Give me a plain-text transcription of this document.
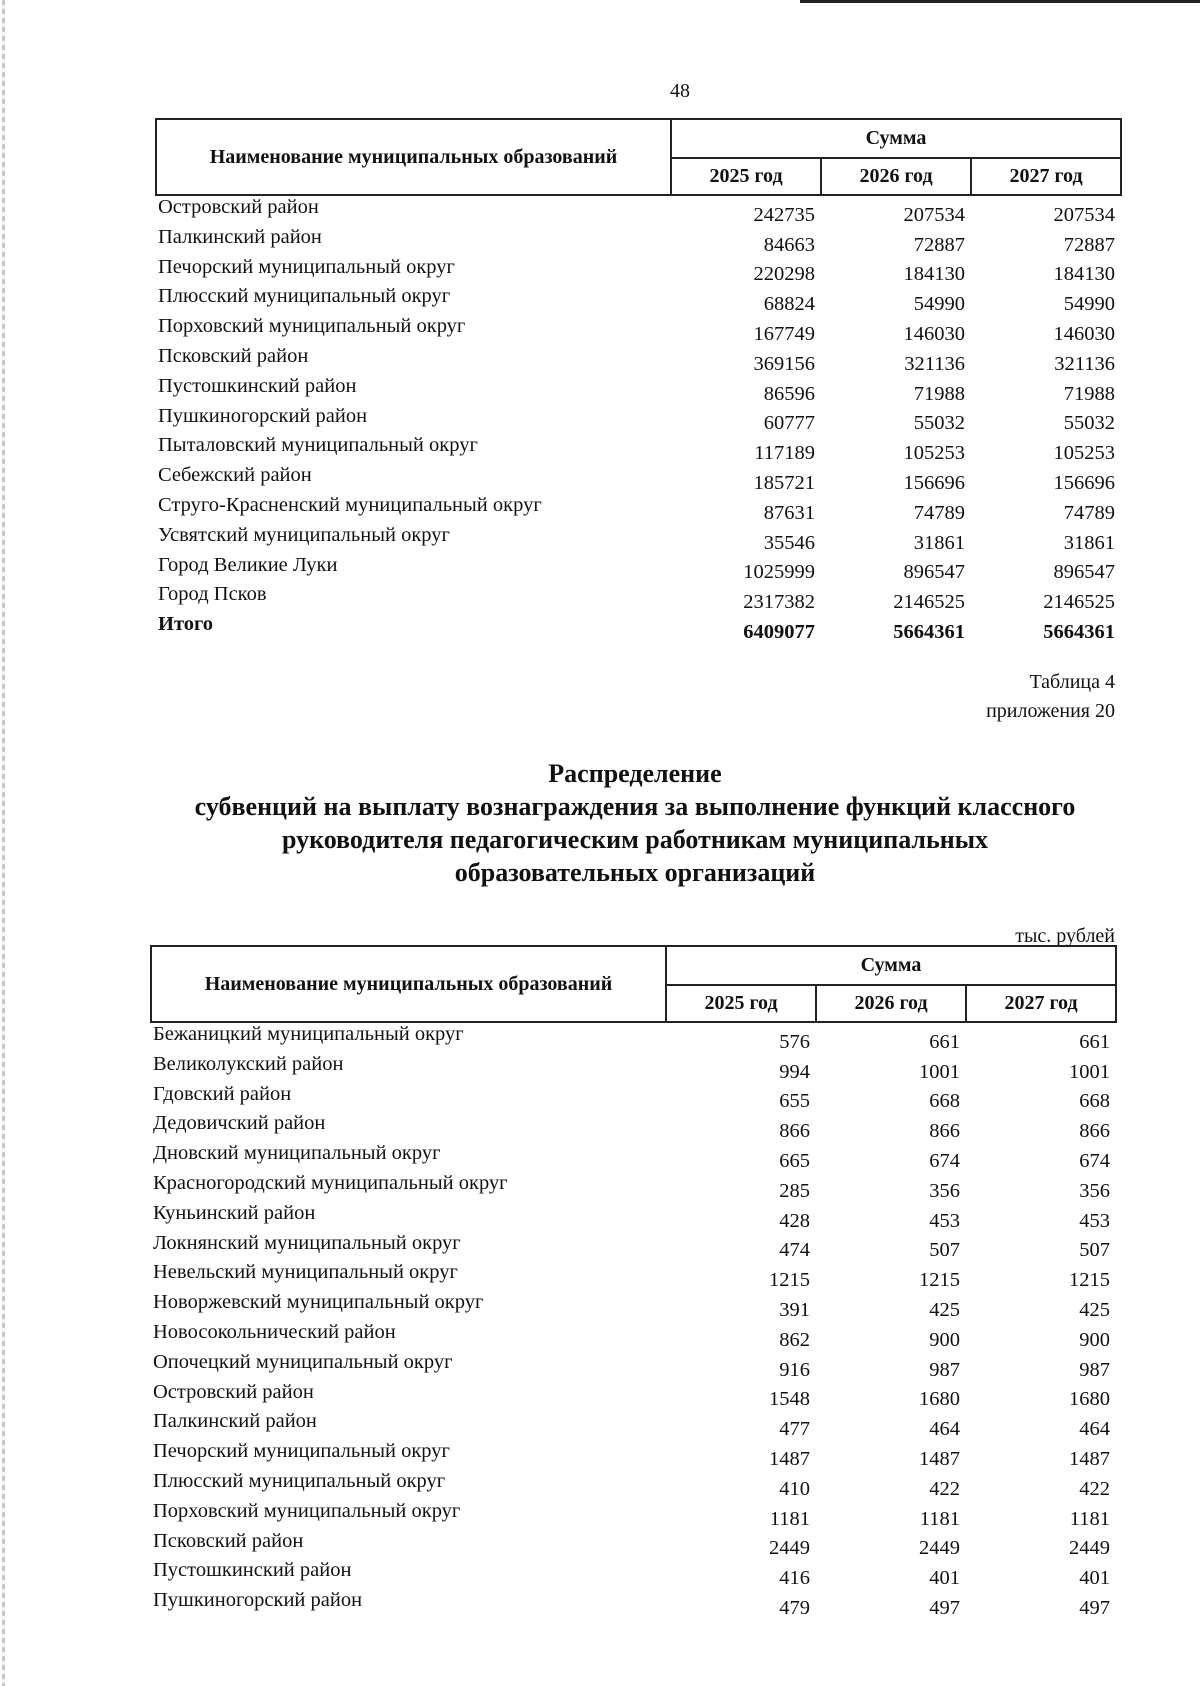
48
Наименование муниципальных образований	Сумма		
	2025 год	2026 год	2027 год
Островский район	242735	207534	207534
Палкинский район	84663	72887	72887
Печорский муниципальный округ	220298	184130	184130
Плюсский муниципальный округ	68824	54990	54990
Порховский муниципальный округ	167749	146030	146030
Псковский район	369156	321136	321136
Пустошкинский район	86596	71988	71988
Пушкиногорский район	60777	55032	55032
Пыталовский муниципальный округ	117189	105253	105253
Себежский район	185721	156696	156696
Струго-Красненский муниципальный округ	87631	74789	74789
Усвятский муниципальный округ	35546	31861	31861
Город Великие Луки	1025999	896547	896547
Город Псков	2317382	2146525	2146525
Итого	6409077	5664361	5664361
Таблица 4
приложения 20
Распределение
субвенций на выплату вознаграждения за выполнение функций классного
руководителя педагогическим работникам муниципальных
образовательных организаций
тыс. рублей
Наименование муниципальных образований	Сумма		
	2025 год	2026 год	2027 год
Бежаницкий муниципальный округ	576	661	661
Великолукский район	994	1001	1001
Гдовский район	655	668	668
Дедовичский район	866	866	866
Дновский муниципальный округ	665	674	674
Красногородский муниципальный округ	285	356	356
Куньинский район	428	453	453
Локнянский муниципальный округ	474	507	507
Невельский муниципальный округ	1215	1215	1215
Новоржевский муниципальный округ	391	425	425
Новосокольнический район	862	900	900
Опочецкий муниципальный округ	916	987	987
Островский район	1548	1680	1680
Палкинский район	477	464	464
Печорский муниципальный округ	1487	1487	1487
Плюсский муниципальный округ	410	422	422
Порховский муниципальный округ	1181	1181	1181
Псковский район	2449	2449	2449
Пустошкинский район	416	401	401
Пушкиногорский район	479	497	497
